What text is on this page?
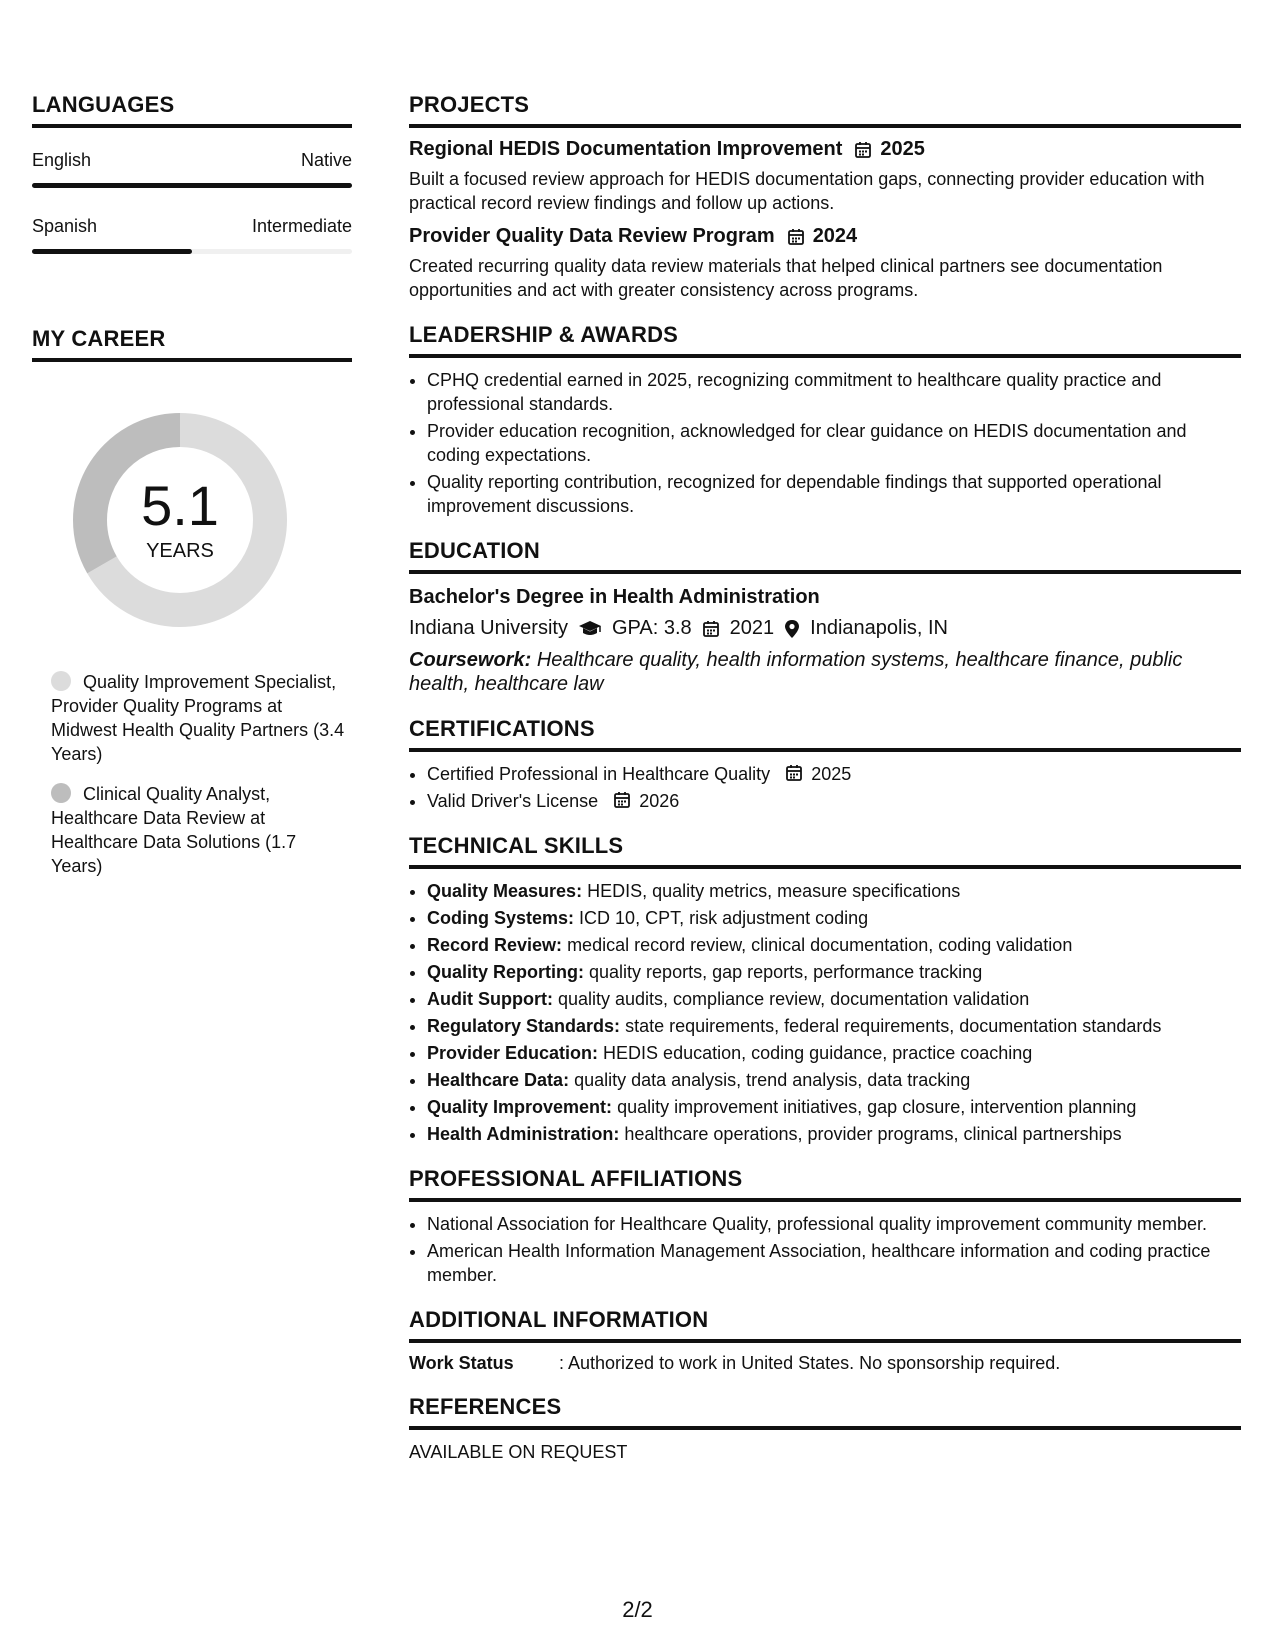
LANGUAGES
English	Native
Spanish	Intermediate
MY CAREER
5.1
YEARS
Quality Improvement Specialist, Provider Quality Programs at Midwest Health Quality Partners (3.4 Years)
Clinical Quality Analyst, Healthcare Data Review at Healthcare Data Solutions (1.7 Years)
PROJECTS
Regional HEDIS Documentation Improvement 2025
Built a focused review approach for HEDIS documentation gaps, connecting provider education with practical record review findings and follow up actions.
Provider Quality Data Review Program 2024
Created recurring quality data review materials that helped clinical partners see documentation opportunities and act with greater consistency across programs.
LEADERSHIP & AWARDS
• CPHQ credential earned in 2025, recognizing commitment to healthcare quality practice and professional standards.
• Provider education recognition, acknowledged for clear guidance on HEDIS documentation and coding expectations.
• Quality reporting contribution, recognized for dependable findings that supported operational improvement discussions.
EDUCATION
Bachelor's Degree in Health Administration
Indiana University GPA: 3.8 2021 Indianapolis, IN
Coursework: Healthcare quality, health information systems, healthcare finance, public health, healthcare law
CERTIFICATIONS
• Certified Professional in Healthcare Quality 2025
• Valid Driver's License 2026
TECHNICAL SKILLS
• Quality Measures: HEDIS, quality metrics, measure specifications
• Coding Systems: ICD 10, CPT, risk adjustment coding
• Record Review: medical record review, clinical documentation, coding validation
• Quality Reporting: quality reports, gap reports, performance tracking
• Audit Support: quality audits, compliance review, documentation validation
• Regulatory Standards: state requirements, federal requirements, documentation standards
• Provider Education: HEDIS education, coding guidance, practice coaching
• Healthcare Data: quality data analysis, trend analysis, data tracking
• Quality Improvement: quality improvement initiatives, gap closure, intervention planning
• Health Administration: healthcare operations, provider programs, clinical partnerships
PROFESSIONAL AFFILIATIONS
• National Association for Healthcare Quality, professional quality improvement community member.
• American Health Information Management Association, healthcare information and coding practice member.
ADDITIONAL INFORMATION
Work Status	: Authorized to work in United States. No sponsorship required.
REFERENCES
AVAILABLE ON REQUEST
2/2
